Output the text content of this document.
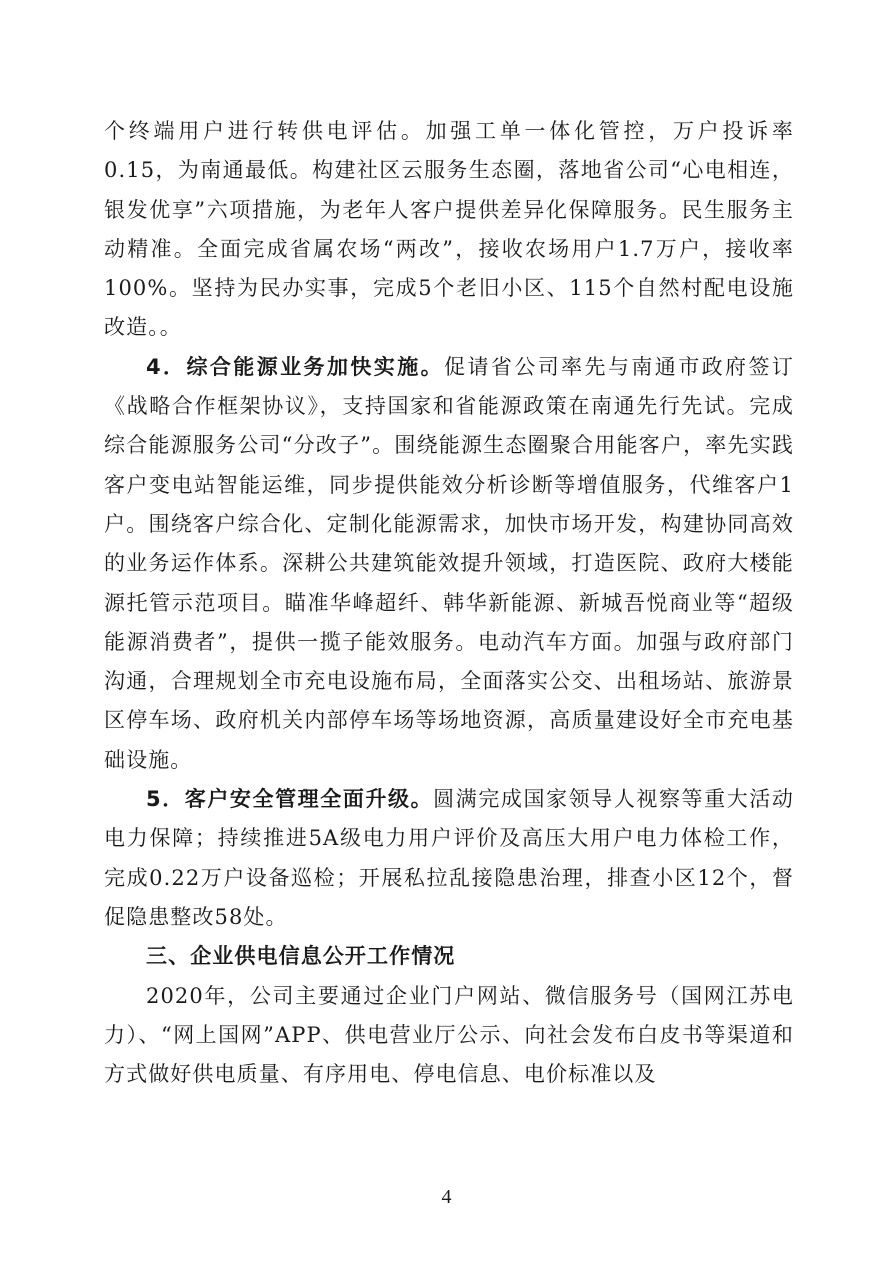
个终端用户进行转供电评估。加强工单一体化管控，万户投诉率0.15，为南通最低。构建社区云服务生态圈，落地省公司“心电相连，银发优享”六项措施，为老年人客户提供差异化保障服务。民生服务主动精准。全面完成省属农场“两改”，接收农场用户1.7万户，接收率100%。坚持为民办实事，完成5个老旧小区、115个自然村配电设施改造。。

4．综合能源业务加快实施。促请省公司率先与南通市政府签订《战略合作框架协议》，支持国家和省能源政策在南通先行先试。完成综合能源服务公司“分改子”。围绕能源生态圈聚合用能客户，率先实践客户变电站智能运维，同步提供能效分析诊断等增值服务，代维客户1户。围绕客户综合化、定制化能源需求，加快市场开发，构建协同高效的业务运作体系。深耕公共建筑能效提升领域，打造医院、政府大楼能源托管示范项目。瞄准华峰超纤、韩华新能源、新城吾悦商业等“超级能源消费者”，提供一揽子能效服务。电动汽车方面。加强与政府部门沟通，合理规划全市充电设施布局，全面落实公交、出租场站、旅游景区停车场、政府机关内部停车场等场地资源，高质量建设好全市充电基础设施。

5．客户安全管理全面升级。圆满完成国家领导人视察等重大活动电力保障；持续推进5A级电力用户评价及高压大用户电力体检工作，完成0.22万户设备巡检；开展私拉乱接隐患治理，排查小区12个，督促隐患整改58处。

三、企业供电信息公开工作情况

2020年，公司主要通过企业门户网站、微信服务号（国网江苏电力）、“网上国网”APP、供电营业厅公示、向社会发布白皮书等渠道和方式做好供电质量、有序用电、停电信息、电价标准以及

4
